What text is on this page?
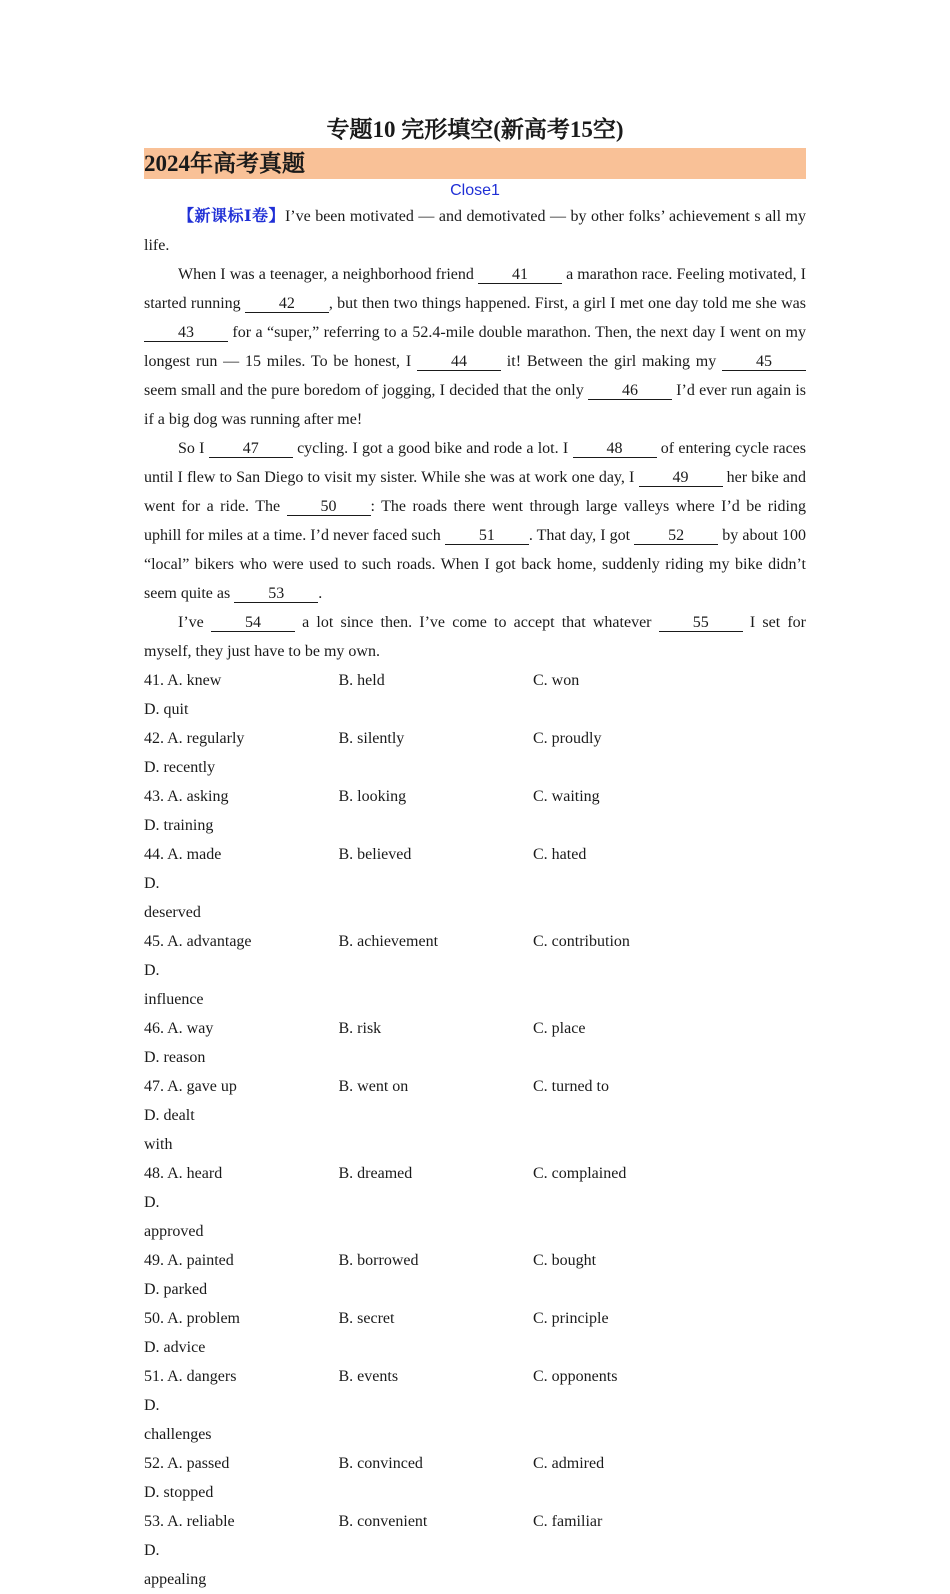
专题10 完形填空(新高考15空)
2024年高考真题
Close1

【新课标Ⅰ卷】I’ve been motivated — and demotivated — by other folks’ achievement s all my life.

When I was a teenager, a neighborhood friend 41 a marathon race. Feeling motivated, I started running 42 , but then two things happened. First, a girl I met one day told me she was 43 for a “super,” referring to a 52.4-mile double marathon. Then, the next day I went on my longest run — 15 miles. To be honest, I 44 it! Between the girl making my 45 seem small and the pure boredom of jogging, I decided that the only 46 I’d ever run again is if a big dog was running after me!

So I 47 cycling. I got a good bike and rode a lot. I 48 of entering cycle races until I flew to San Diego to visit my sister. While she was at work one day, I 49 her bike and went for a ride. The 50 : The roads there went through large valleys where I’d be riding uphill for miles at a time. I’d never faced such 51 . That day, I got 52 by about 100 “local” bikers who were used to such roads. When I got back home, suddenly riding my bike didn’t seem quite as 53 .

I’ve 54 a lot since then. I’ve come to accept that whatever 55 I set for myself, they just have to be my own.

41. A. knew	B. held	C. won
D. quit
42. A. regularly	B. silently	C. proudly
D. recently
43. A. asking	B. looking	C. waiting
D. training
44. A. made	B. believed	C. hated
D.
deserved
45. A. advantage	B. achievement	C. contribution
D.
influence
46. A. way	B. risk	C. place
D. reason
47. A. gave up	B. went on	C. turned to
D. dealt
with
48. A. heard	B. dreamed	C. complained
D.
approved
49. A. painted	B. borrowed	C. bought
D. parked
50. A. problem	B. secret	C. principle
D. advice
51. A. dangers	B. events	C. opponents
D.
challenges
52. A. passed	B. convinced	C. admired
D. stopped
53. A. reliable	B. convenient	C. familiar
D.
appealing
